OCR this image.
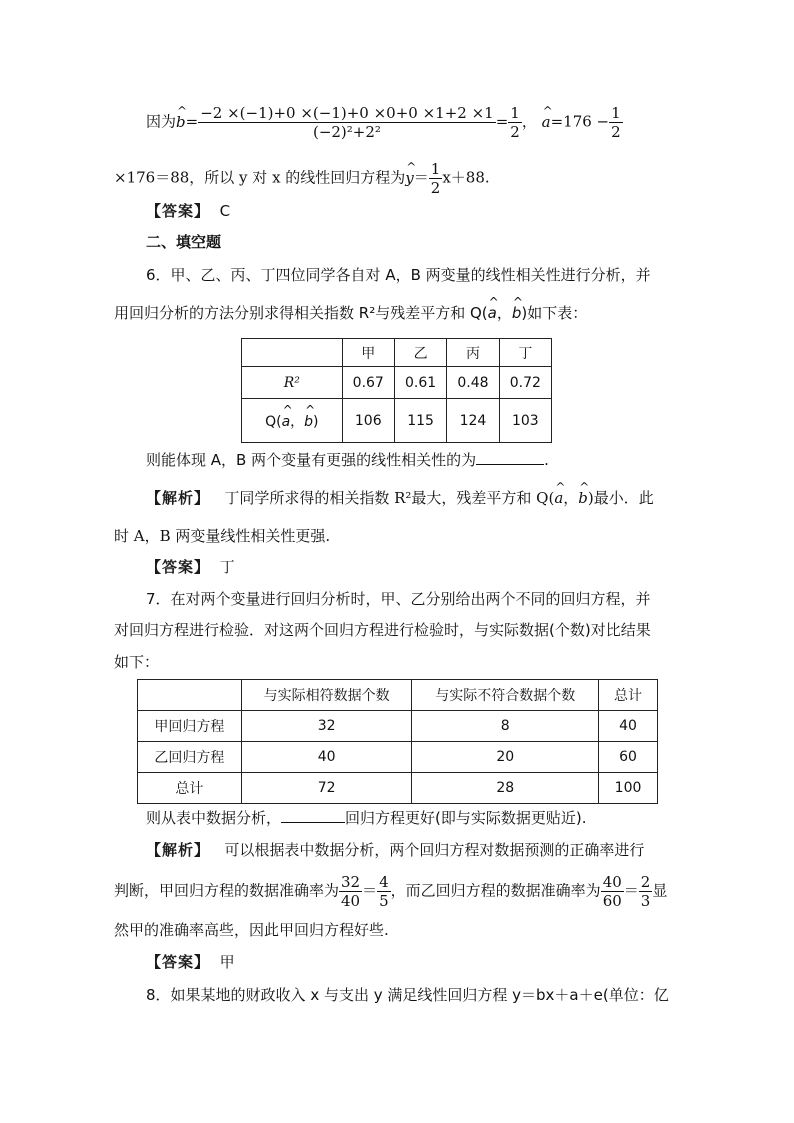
因为^ $b= \frac{-2 \times(-1)+0 \times(-1)+0 \times 0+0 \times 1+2 \times 1}{\text{(−2)²+2²}} = \frac{1}{2}$ ， ^ $a=176 - \frac{1}{2}$
×176＝88，所以 y 对 x 的线性回归方程为^ $y= \frac{1}{2} x+88$.
【答案】 C
二、填空题
6．甲、乙、丙、丁四位同学各自对 A，B 两变量的线性相关性进行分析，并
用回归分析的方法分别求得相关指数 R²与残差平方和 Q(^ a，^ b)如下表：
	甲	乙	丙	丁
R²	0.67	0.61	0.48	0.72
Q(^ a，^ b)	106	115	124	103
则能体现 A，B 两个变量有更强的线性相关性的为	.
【解析】 丁同学所求得的相关指数 R²最大，残差平方和 Q(^ a，^ b)最小．此
时 A，B 两变量线性相关性更强.
【答案】 丁
7．在对两个变量进行回归分析时，甲、乙分别给出两个不同的回归方程，并
对回归方程进行检验．对这两个回归方程进行检验时，与实际数据(个数)对比结果
如下：
	与实际相符数据个数	与实际不符合数据个数	总计
甲回归方程	32	8	40
乙回归方程	40	20	60
总计	72	28	100
则从表中数据分析，	回归方程更好(即与实际数据更贴近).
【解析】 可以根据表中数据分析，两个回归方程对数据预测的正确率进行
判断，甲回归方程的数据准确率为 $\frac{32}{40} = \frac{4}{5}$ ，而乙回归方程的数据准确率为 $\frac{40}{60} = \frac{2}{3}$ 显
然甲的准确率高些，因此甲回归方程好些.
【答案】 甲
8．如果某地的财政收入 x 与支出 y 满足线性回归方程 y＝bx＋a＋e(单位：亿
